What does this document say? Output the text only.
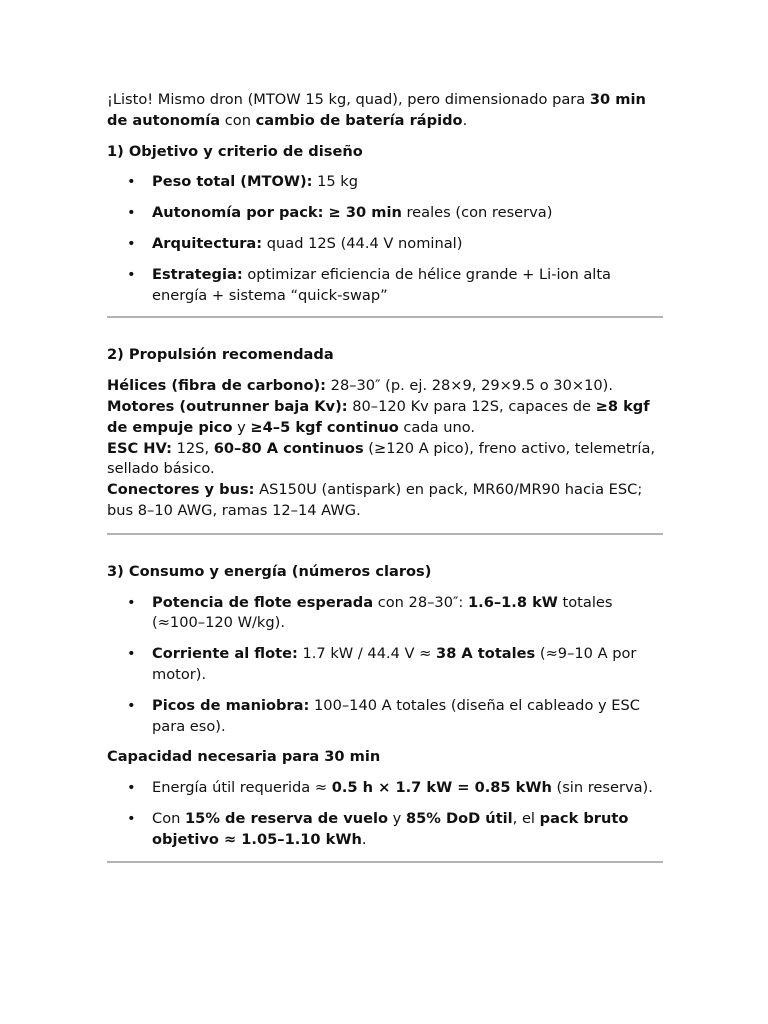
¡Listo! Mismo dron (MTOW 15 kg, quad), pero dimensionado para 30 min de autonomía con cambio de batería rápido.

1) Objetivo y criterio de diseño
• Peso total (MTOW): 15 kg
• Autonomía por pack: ≥ 30 min reales (con reserva)
• Arquitectura: quad 12S (44.4 V nominal)
• Estrategia: optimizar eficiencia de hélice grande + Li-ion alta energía + sistema “quick-swap”
2) Propulsión recomendada

Hélices (fibra de carbono): 28–30″ (p. ej. 28×9, 29×9.5 o 30×10).
Motores (outrunner baja Kv): 80–120 Kv para 12S, capaces de ≥8 kgf de empuje pico y ≥4–5 kgf continuo cada uno.
ESC HV: 12S, 60–80 A continuos (≥120 A pico), freno activo, telemetría, sellado básico.
Conectores y bus: AS150U (antispark) en pack, MR60/MR90 hacia ESC; bus 8–10 AWG, ramas 12–14 AWG.

3) Consumo y energía (números claros)
• Potencia de flote esperada con 28–30″: 1.6–1.8 kW totales (≈100–120 W/kg).
• Corriente al flote: 1.7 kW / 44.4 V ≈ 38 A totales (≈9–10 A por motor).
• Picos de maniobra: 100–140 A totales (diseña el cableado y ESC para eso).
Capacidad necesaria para 30 min
• Energía útil requerida ≈ 0.5 h × 1.7 kW = 0.85 kWh (sin reserva).
• Con 15% de reserva de vuelo y 85% DoD útil, el pack bruto objetivo ≈ 1.05–1.10 kWh.
